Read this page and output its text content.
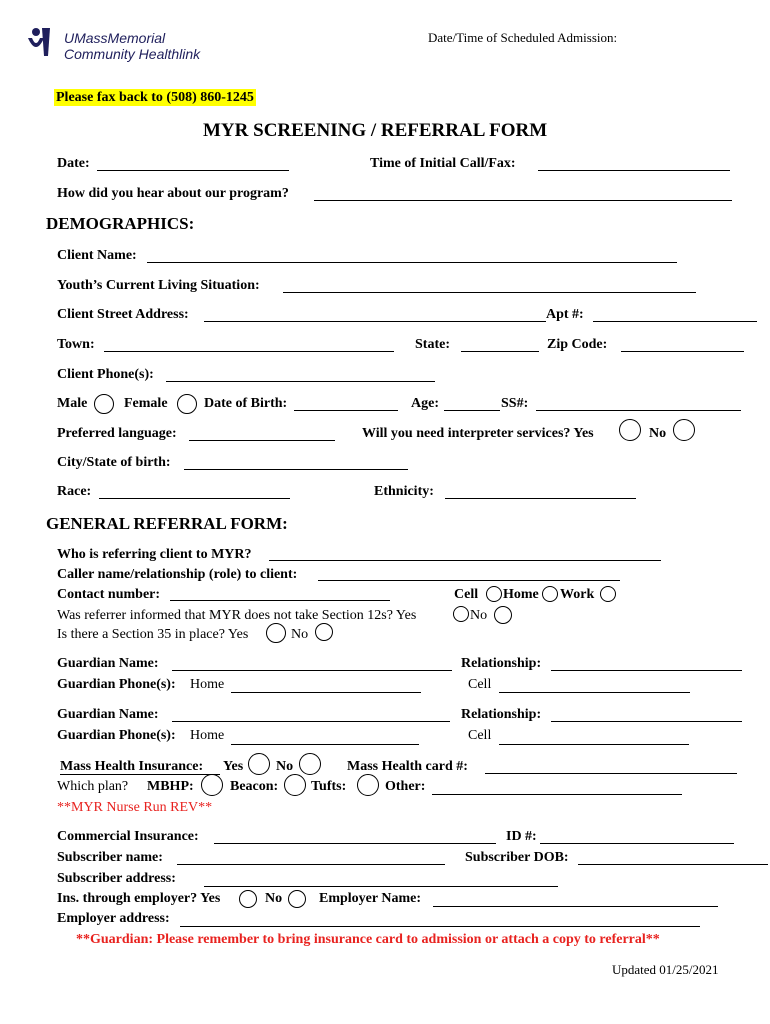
UMassMemorial
Community Healthlink
Date/Time of Scheduled Admission:
Please fax back to (508) 860-1245
MYR SCREENING / REFERRAL FORM
Date:	Time of Initial Call/Fax:
How did you hear about our program?
DEMOGRAPHICS:
Client Name:
Youth’s Current Living Situation:
Client Street Address:	Apt #:
Town:	State:	Zip Code:
Client Phone(s):
Male	Female	Date of Birth:	Age:	SS#:
Preferred language:	Will you need interpreter services? Yes	No
City/State of birth:
Race:	Ethnicity:
GENERAL REFERRAL FORM:
Who is referring client to MYR?
Caller name/relationship (role) to client:
Contact number:	Cell Home Work
Was referrer informed that MYR does not take Section 12s? Yes	No
Is there a Section 35 in place? Yes	No
Guardian Name:	Relationship:
Guardian Phone(s): Home	Cell
Guardian Name:	Relationship:
Guardian Phone(s): Home	Cell
Mass Health Insurance: Yes No	Mass Health card #:
Which plan? MBHP:	Beacon: Tufts:	Other:
**MYR Nurse Run REV**
Commercial Insurance:	ID #:
Subscriber name:	Subscriber DOB:
Subscriber address:
Ins. through employer? Yes	No	Employer Name:
Employer address:
**Guardian: Please remember to bring insurance card to admission or attach a copy to referral**
Updated 01/25/2021
